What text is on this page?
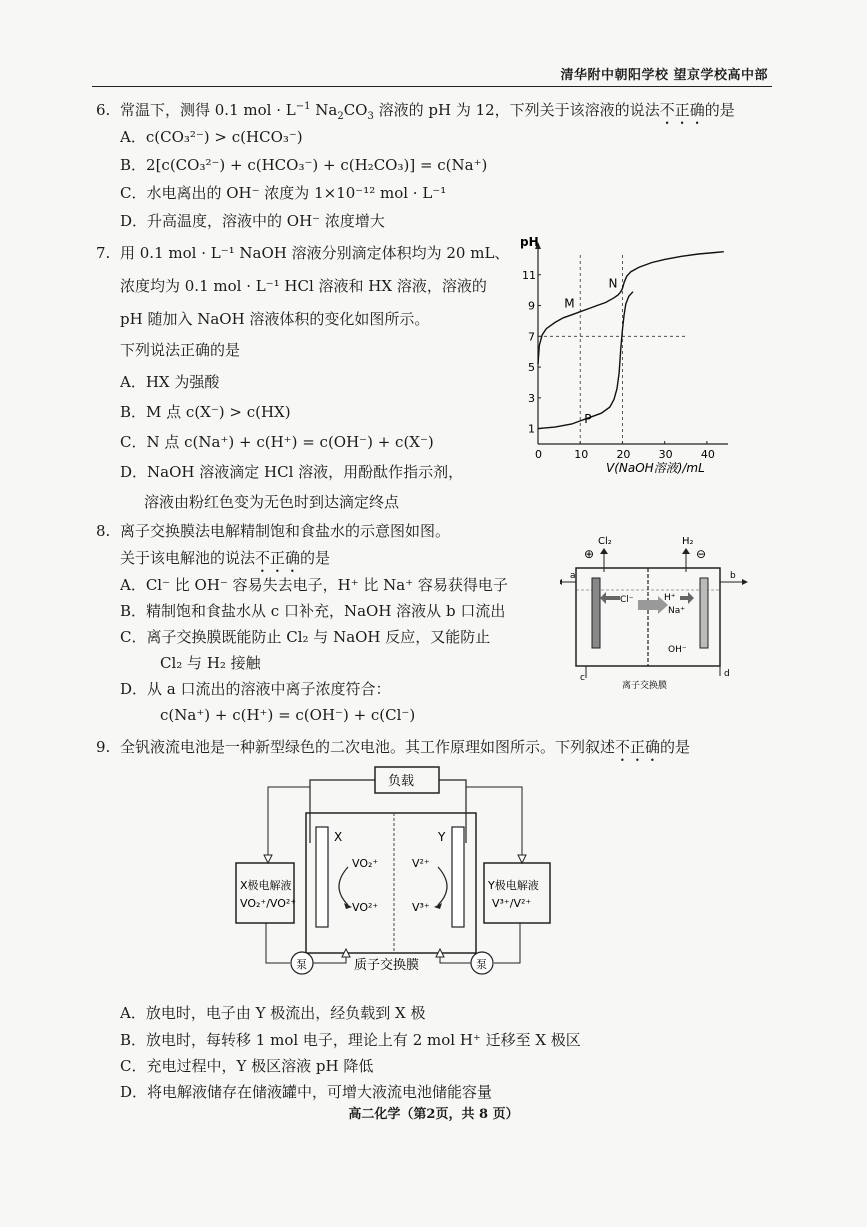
清华附中朝阳学校 望京学校高中部
6. 常温下，测得 0.1 mol · $L^{-1}$ $Na_2CO_3$ 溶液的 pH 为 12，下列关于该溶液的说法不正确的是
A．c(CO₃²⁻) > c(HCO₃⁻)
B．2[c(CO₃²⁻) + c(HCO₃⁻) + c(H₂CO₃)] = c(Na⁺)
C．水电离出的 OH⁻ 浓度为 1×10⁻¹² mol · L⁻¹
D．升高温度，溶液中的 OH⁻ 浓度增大
7. 用 0.1 mol · L⁻¹ NaOH 溶液分别滴定体积均为 20 mL、
浓度均为 0.1 mol · L⁻¹ HCl 溶液和 HX 溶液，溶液的
pH 随加入 NaOH 溶液体积的变化如图所示。
下列说法正确的是
A．HX 为强酸
B．M 点 c(X⁻) > c(HX)
C．N 点 c(Na⁺) + c(H⁺) = c(OH⁻) + c(X⁻)
D．NaOH 溶液滴定 HCl 溶液，用酚酞作指示剂，
溶液由粉红色变为无色时到达滴定终点
0	10	20	30	40
1
3
5
7
9
11
M
N
P
pH
V(NaOH溶液)/mL
8. 离子交换膜法电解精制饱和食盐水的示意图如图。
关于该电解池的说法不正确的是
A．Cl⁻ 比 OH⁻ 容易失去电子，H⁺ 比 Na⁺ 容易获得电子
B．精制饱和食盐水从 c 口补充，NaOH 溶液从 b 口流出
C．离子交换膜既能防止 Cl₂ 与 NaOH 反应，又能防止
Cl₂ 与 H₂ 接触
D．从 a 口流出的溶液中离子浓度符合：
c(Na⁺) + c(H⁺) = c(OH⁻) + c(Cl⁻)
Cl₂	H₂
⊕	⊖
Cl⁻
Na⁺
H⁺
OH⁻
a	b
c	d
离子交换膜
9. 全钒液流电池是一种新型绿色的二次电池。其工作原理如图所示。下列叙述不正确的是
负载
X	Y
VO₂⁺
VO²⁺
V²⁺
V³⁺
X极电解液
VO₂⁺/VO²⁺
Y极电解液
V³⁺/V²⁺
泵	泵
质子交换膜
A．放电时，电子由 Y 极流出，经负载到 X 极
B．放电时，每转移 1 mol 电子，理论上有 2 mol H⁺ 迁移至 X 极区
C．充电过程中，Y 极区溶液 pH 降低
D．将电解液储存在储液罐中，可增大液流电池储能容量
高二化学（第2页，共 8 页）
